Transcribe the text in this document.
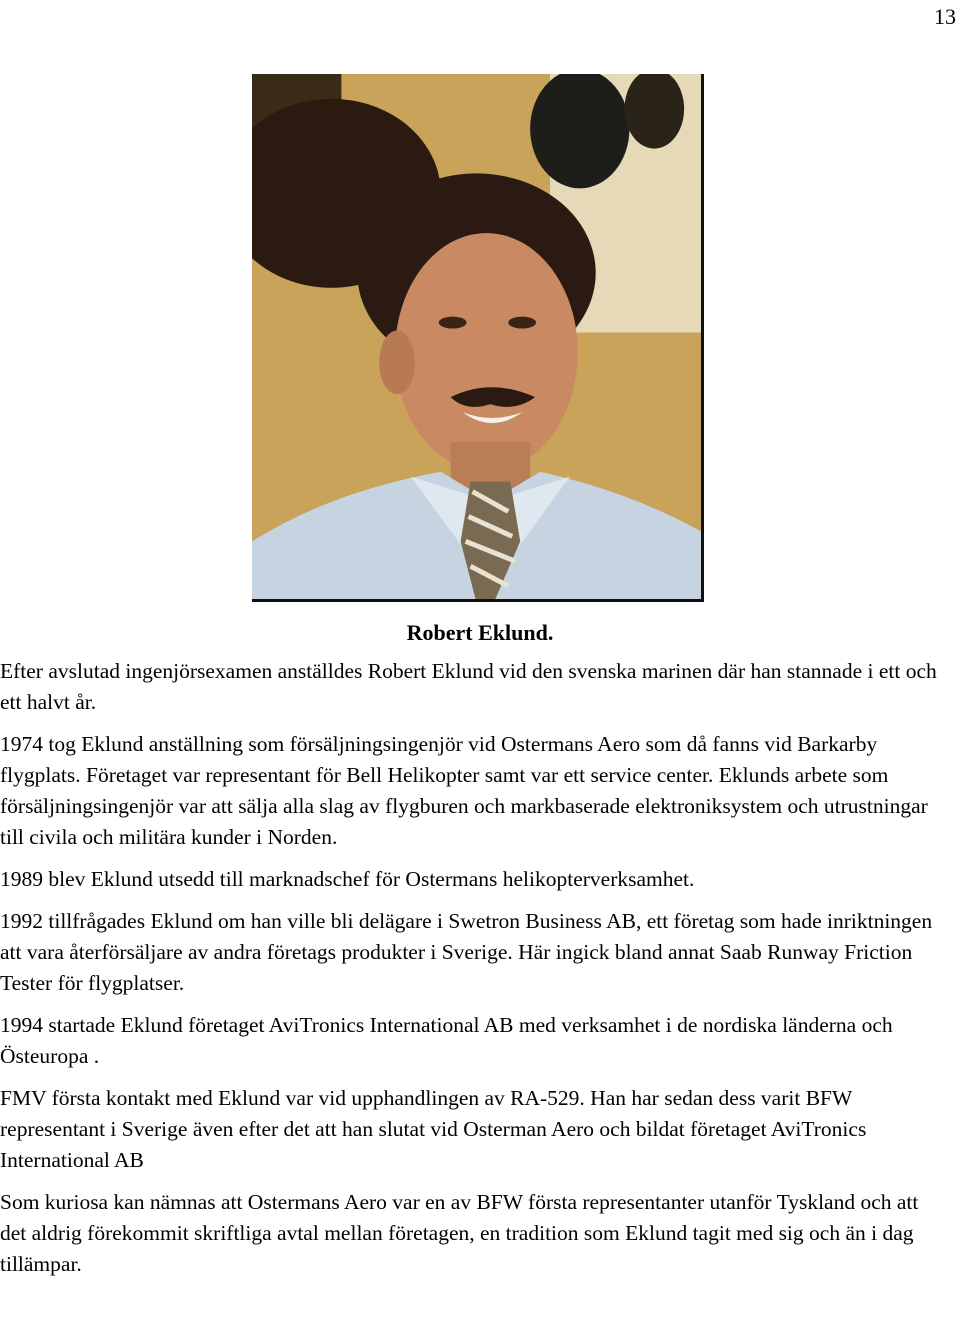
13
Robert Eklund.

Efter avslutad ingenjörsexamen anställdes Robert Eklund vid den svenska marinen där han stannade i ett och ett halvt år.

1974 tog Eklund anställning som försäljningsingenjör vid Ostermans Aero som då fanns vid Barkarby flygplats. Företaget var representant för Bell Helikopter samt var ett service center. Eklunds arbete som försäljningsingenjör var att sälja alla slag av flygburen och markbaserade elektroniksystem och utrustningar till civila och militära kunder i Norden.

1989 blev Eklund utsedd till marknadschef för Ostermans helikopterverksamhet.

1992 tillfrågades Eklund om han ville bli delägare i Swetron Business AB, ett företag som hade inriktningen att vara återförsäljare av andra företags produkter i Sverige. Här ingick bland annat Saab Runway Friction Tester för flygplatser.

1994 startade Eklund företaget AviTronics International AB med verksamhet i de nordiska länderna och Östeuropa .

FMV första kontakt med Eklund var vid upphandlingen av RA-529. Han har sedan dess varit BFW representant i Sverige även efter det att han slutat vid Osterman Aero och bildat företaget AviTronics International AB

Som kuriosa kan nämnas att Ostermans Aero var en av BFW första representanter utanför Tyskland och att det aldrig förekommit skriftliga avtal mellan företagen, en tradition som Eklund tagit med sig och än i dag tillämpar.
